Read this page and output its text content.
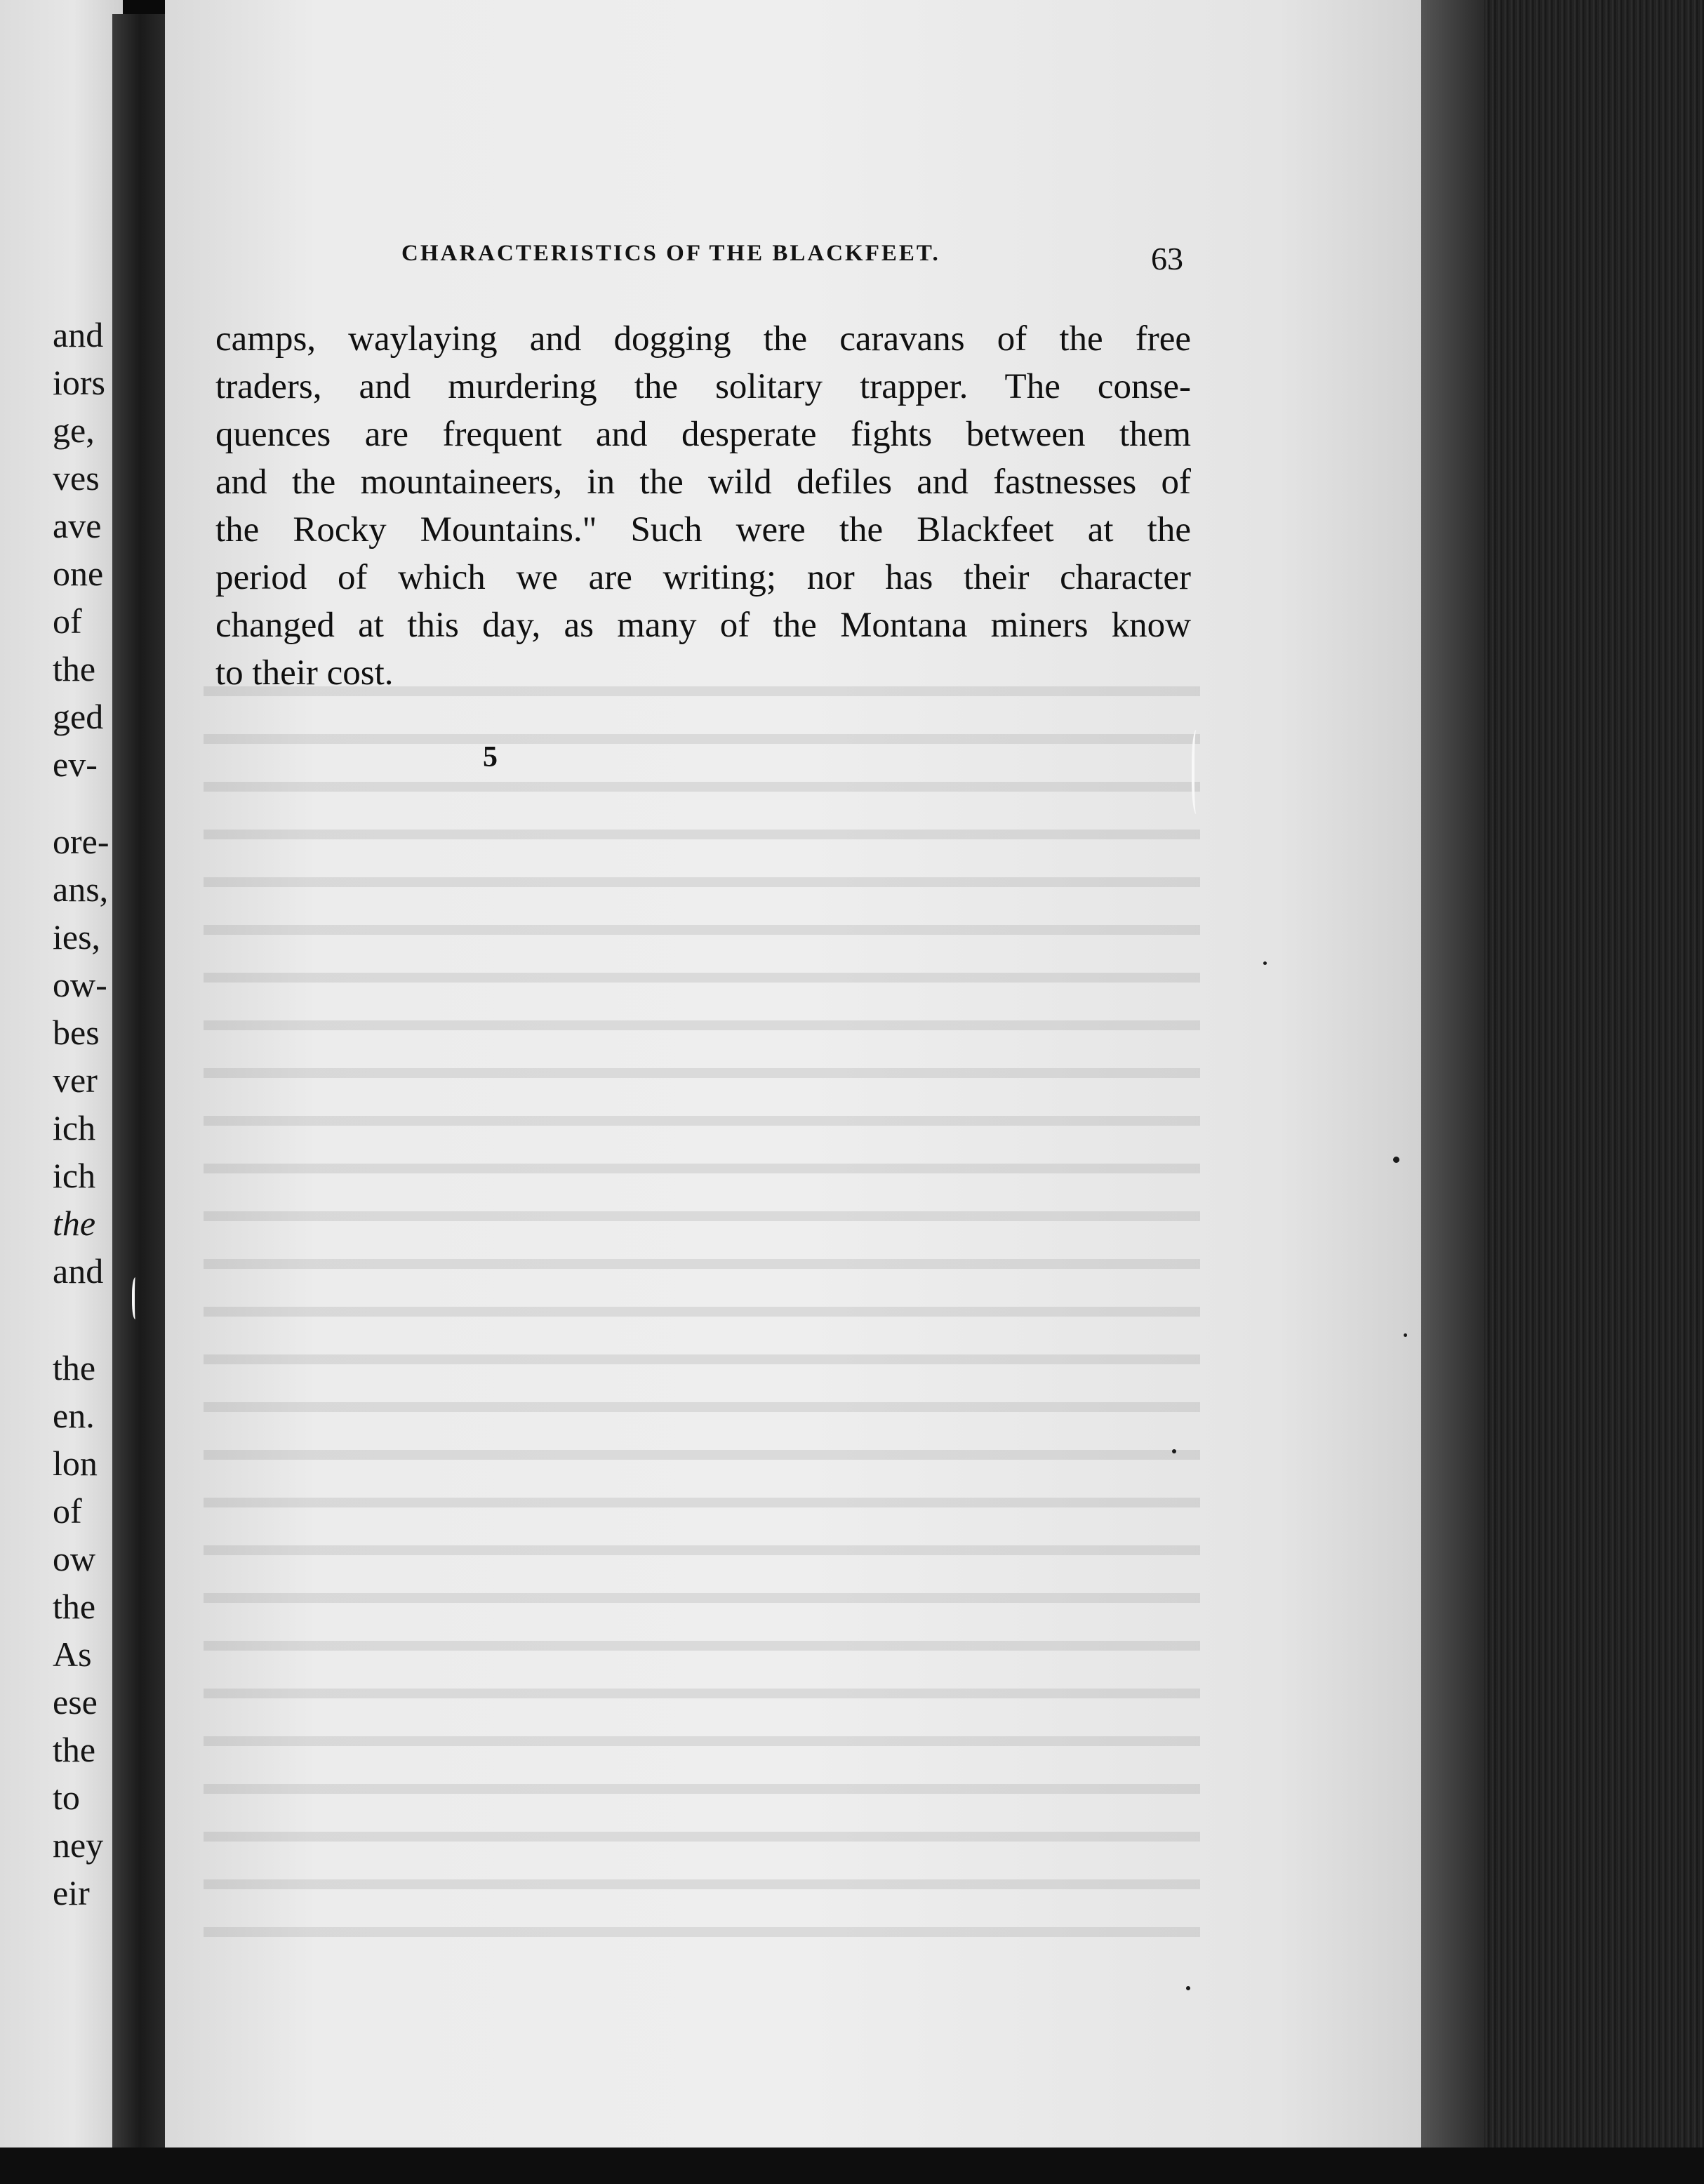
and
iors
ge,
ves
ave
one
of
the
ged
ev-
ore-
ans,
ies,
ow-
bes
ver
ich
ich
the
and
the
en.
lon
of
ow
the
As
ese
the
to
ney
eir
CHARACTERISTICS OF THE BLACKFEET.	63
camps, waylaying and dogging the caravans of the free
traders, and murdering the solitary trapper. The conse-
quences are frequent and desperate fights between them
and the mountaineers, in the wild defiles and fastnesses of
the Rocky Mountains." Such were the Blackfeet at the
period of which we are writing; nor has their character
changed at this day, as many of the Montana miners know
to their cost.
5
